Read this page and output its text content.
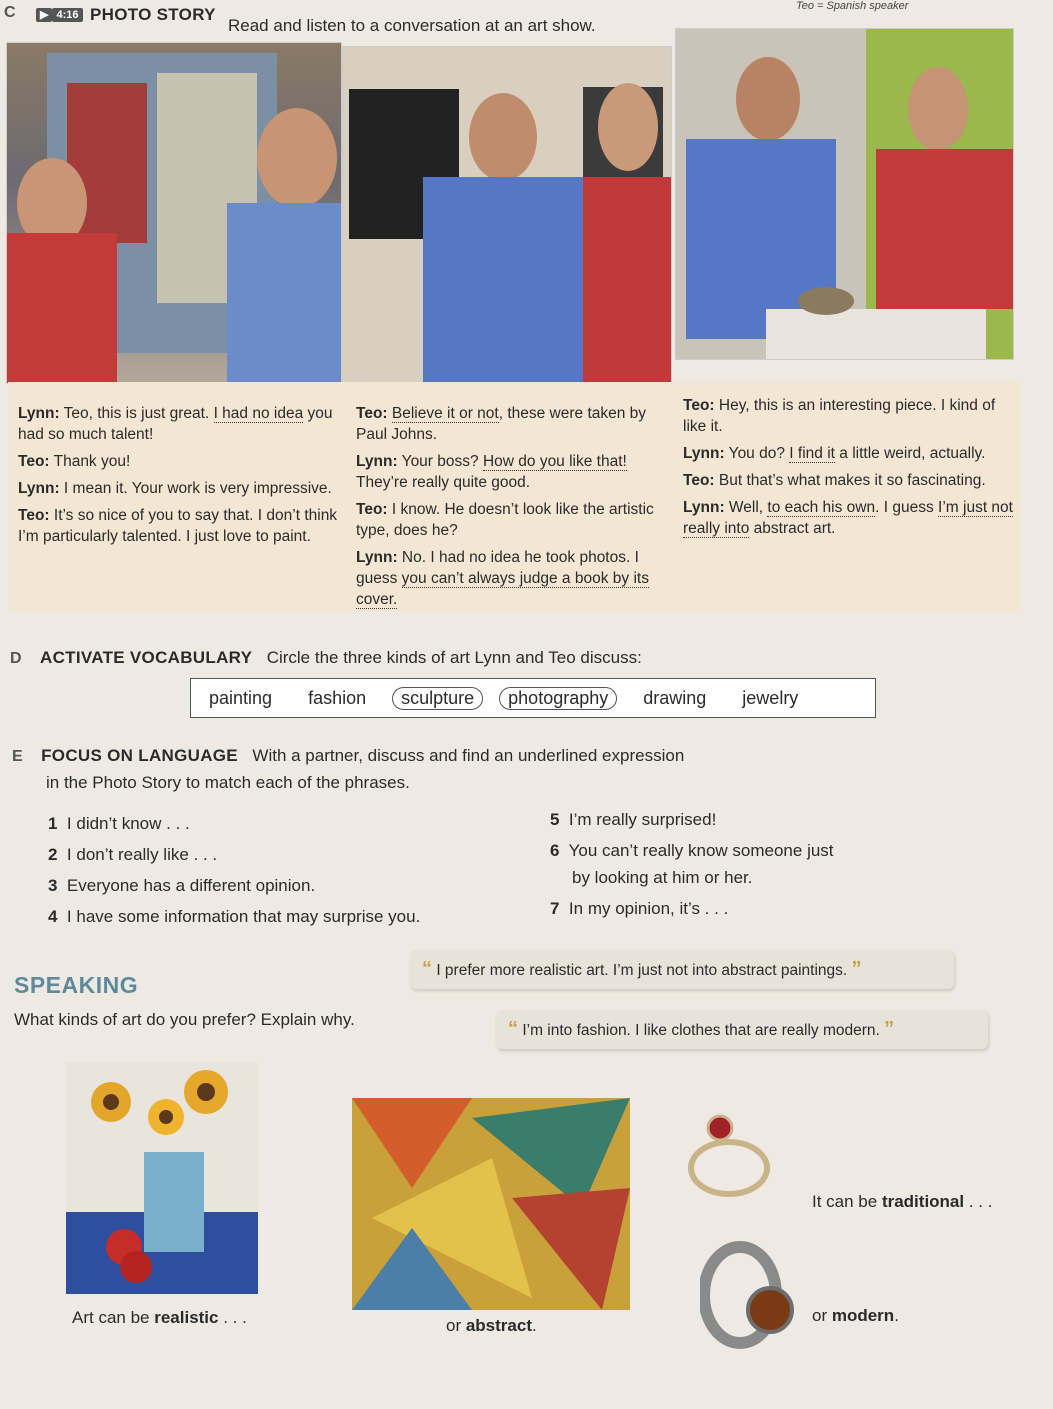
C	▶ 4:16 PHOTO STORY
Read and listen to a conversation at an art show.
Teo = Spanish speaker

Lynn: Teo, this is just great. I had no idea you had so much talent!

Teo: Thank you!

Lynn: I mean it. Your work is very impressive.

Teo: It’s so nice of you to say that. I don’t think I’m particularly talented. I just love to paint.

Teo: Believe it or not, these were taken by Paul Johns.

Lynn: Your boss? How do you like that! They’re really quite good.

Teo: I know. He doesn’t look like the artistic type, does he?

Lynn: No. I had no idea he took photos. I guess you can’t always judge a book by its cover.

Teo: Hey, this is an interesting piece. I kind of like it.

Lynn: You do? I find it a little weird, actually.

Teo: But that’s what makes it so fascinating.

Lynn: Well, to each his own. I guess I’m just not really into abstract art.

D ACTIVATE VOCABULARY Circle the three kinds of art Lynn and Teo discuss:
painting fashion	sculpture	photography	drawing jewelry
E FOCUS ON LANGUAGE With a partner, discuss and find an underlined expression
in the Photo Story to match each of the phrases.
1 I didn’t know . . .
2 I don’t really like . . .
3 Everyone has a different opinion.
4 I have some information that may surprise you.
5 I’m really surprised!
6 You can’t really know someone just
by looking at him or her.
7 In my opinion, it’s . . .
SPEAKING
What kinds of art do you prefer? Explain why.
“ I prefer more realistic art. I’m just not into abstract paintings. ”
“ I’m into fashion. I like clothes that are really modern. ”
Art can be realistic . . .	or abstract.
It can be traditional . . .
or modern.
